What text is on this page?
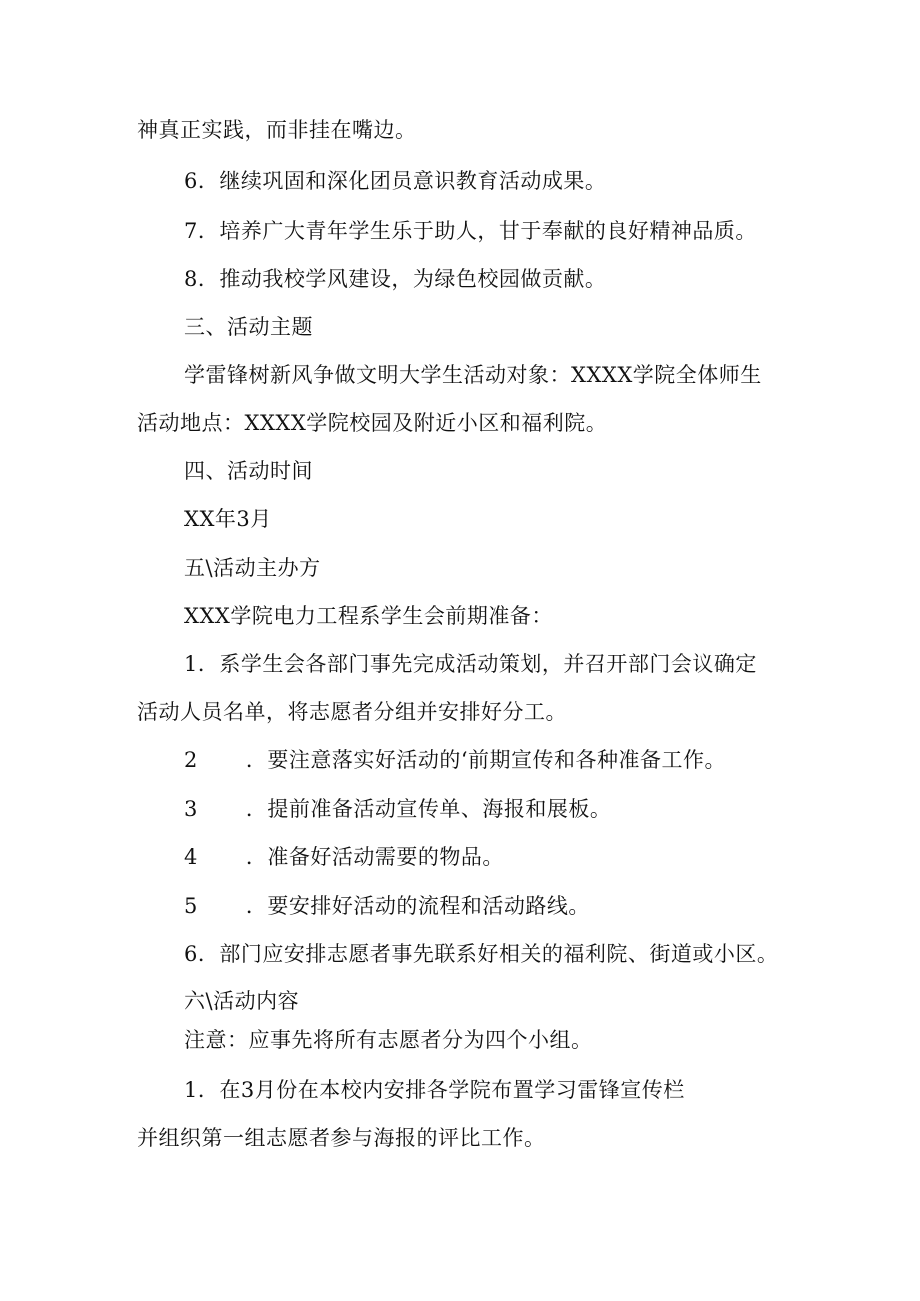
神真正实践，而非挂在嘴边。
6．继续巩固和深化团员意识教育活动成果。
7．培养广大青年学生乐于助人，甘于奉献的良好精神品质。
8．推动我校学风建设，为绿色校园做贡献。
三、活动主题
学雷锋树新风争做文明大学生活动对象：XXXX学院全体师生
活动地点：XXXX学院校园及附近小区和福利院。
四、活动时间
XX年3月
五\活动主办方
XXX学院电力工程系学生会前期准备：
1．系学生会各部门事先完成活动策划，并召开部门会议确定
活动人员名单，将志愿者分组并安排好分工。
2 ．要注意落实好活动的‘前期宣传和各种准备工作。
3 ．提前准备活动宣传单、海报和展板。
4 ．准备好活动需要的物品。
5 ．要安排好活动的流程和活动路线。
6．部门应安排志愿者事先联系好相关的福利院、街道或小区。
六\活动内容
注意：应事先将所有志愿者分为四个小组。
1．在3月份在本校内安排各学院布置学习雷锋宣传栏
并组织第一组志愿者参与海报的评比工作。
